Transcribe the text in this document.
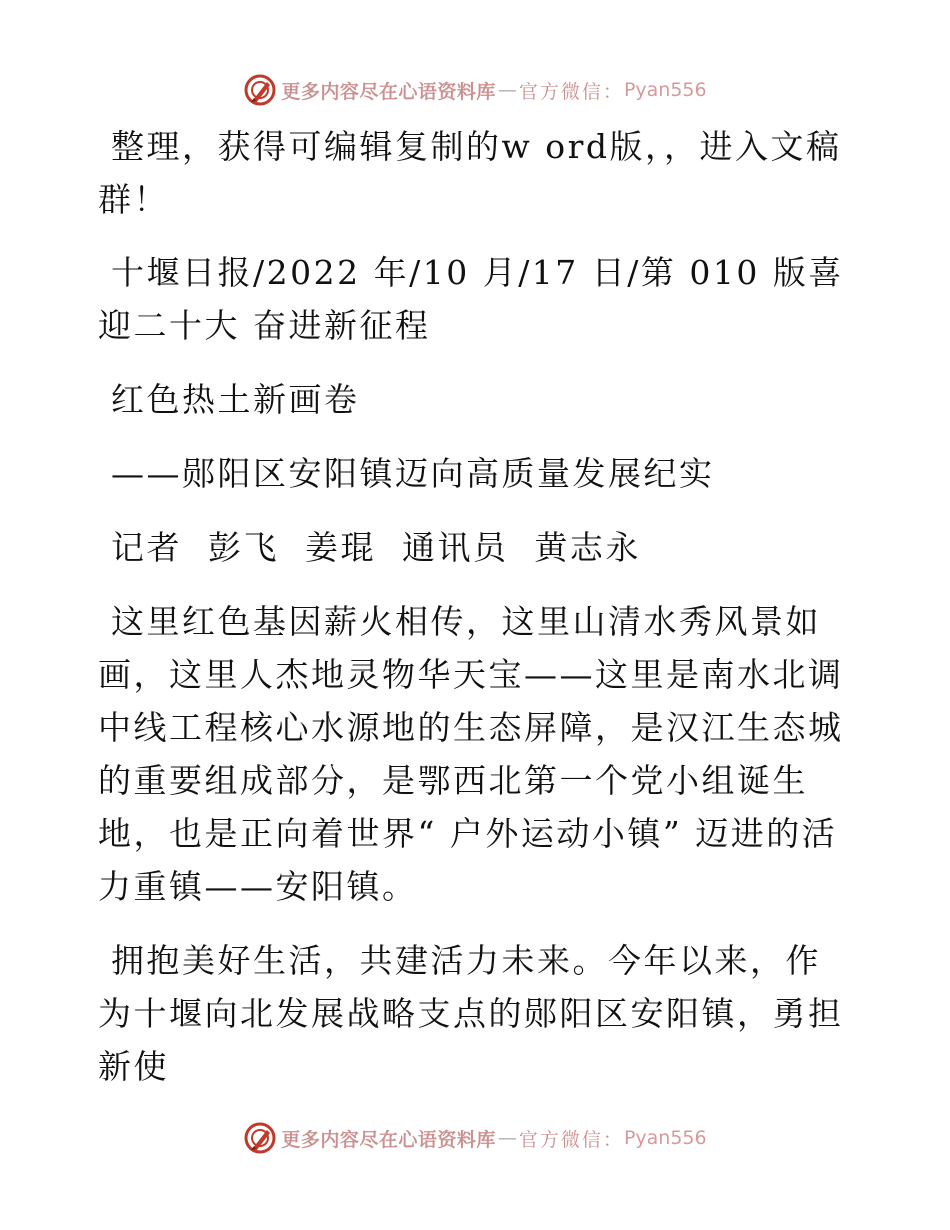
更多内容尽在心语资料库 — 官方微信： Pyan556

整理，获得可编辑复制的w ord版，，进入文稿群！

十堰日报/2022 年/10 月/17 日/第 010 版喜迎二十大 奋进新征程

红色热土新画卷

——郧阳区安阳镇迈向高质量发展纪实

记者  彭飞  姜琨  通讯员  黄志永

这里红色基因薪火相传，这里山清水秀风景如画，这里人杰地灵物华天宝——这里是南水北调中线工程核心水源地的生态屏障，是汉江生态城的重要组成部分，是鄂西北第一个党小组诞生地，也是正向着世界“ 户外运动小镇” 迈进的活力重镇——安阳镇。

拥抱美好生活，共建活力未来。今年以来，作为十堰向北发展战略支点的郧阳区安阳镇，勇担新使

更多内容尽在心语资料库 — 官方微信： Pyan556
